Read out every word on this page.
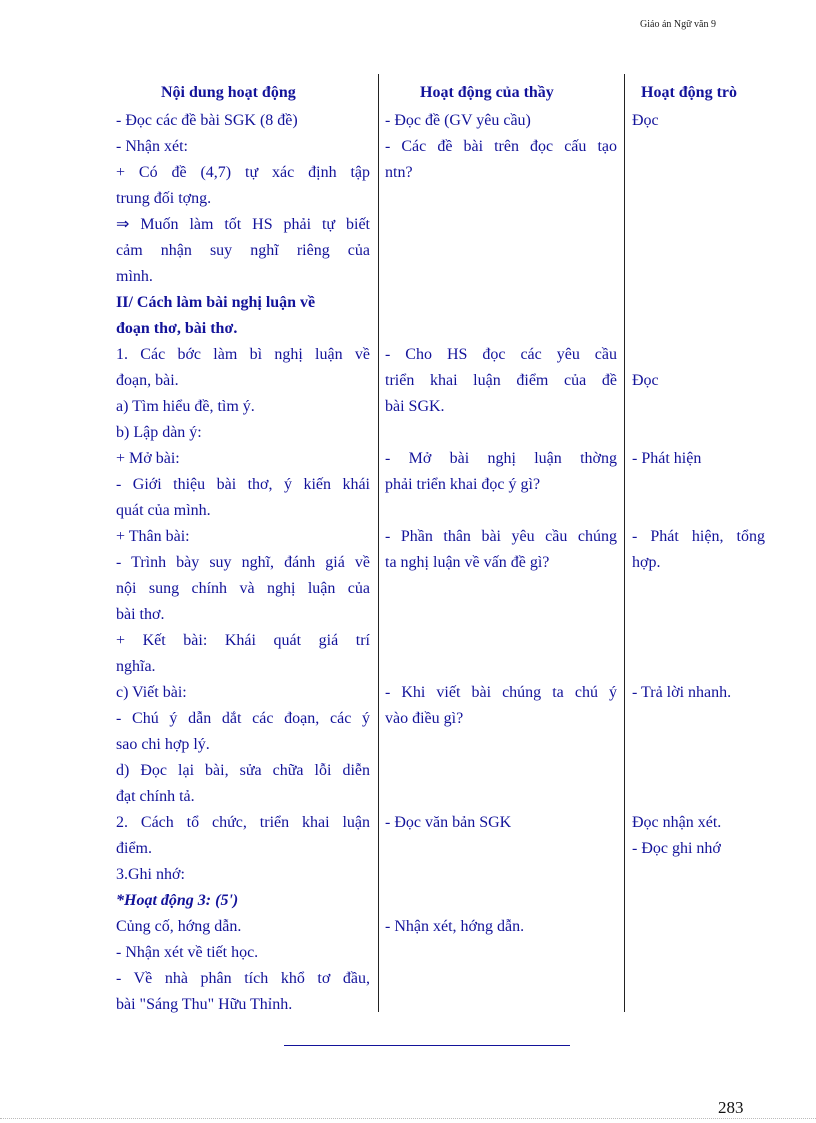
Giáo án Ngữ văn 9
Nội dung hoạt động	Hoạt động của thầy	Hoạt động trò
- Đọc các đề bài SGK (8 đề)
- Nhận xét:
+ Có đề (4,7) tự xác định tập
trung đối tợng.
⇒ Muốn làm tốt HS phải tự biết
cảm nhận suy nghĩ riêng của
mình.
II/ Cách làm bài nghị luận về
đoạn thơ, bài thơ.
1. Các bớc làm bì nghị luận về
đoạn, bài.
a) Tìm hiểu đề, tìm ý.
b) Lập dàn ý:
+ Mở bài:
- Giới thiệu bài thơ, ý kiến khái
quát của mình.
+ Thân bài:
- Trình bày suy nghĩ, đánh giá về
nội sung chính và nghị luận của
bài thơ.
+ Kết bài: Khái quát giá trí
nghĩa.
c) Viết bài:
- Chú ý dẫn dắt các đoạn, các ý
sao chi hợp lý.
d) Đọc lại bài, sửa chữa lỗi diễn
đạt chính tả.
2. Cách tổ chức, triển khai luận
điểm.
3.Ghi nhớ:
*Hoạt động 3: (5')
Củng cố, hớng dẫn.
- Nhận xét về tiết học.
- Về nhà phân tích khổ tơ đầu,
bài "Sáng Thu" Hữu Thỉnh.
- Đọc đề (GV yêu cầu)
- Các đề bài trên đọc cấu tạo
ntn?
- Cho HS đọc các yêu cầu
triển khai luận điểm của đề
bài SGK.
- Mở bài nghị luận thờng
phải triển khai đọc ý gì?
- Phần thân bài yêu cầu chúng
ta nghị luận về vấn đề gì?
- Khi viết bài chúng ta chú ý
vào điều gì?
- Đọc văn bản SGK
- Nhận xét, hớng dẫn.
Đọc
Đọc
- Phát hiện
- Phát hiện, tổng
hợp.
- Trả lời nhanh.
Đọc nhận xét.
- Đọc ghi nhớ
283
